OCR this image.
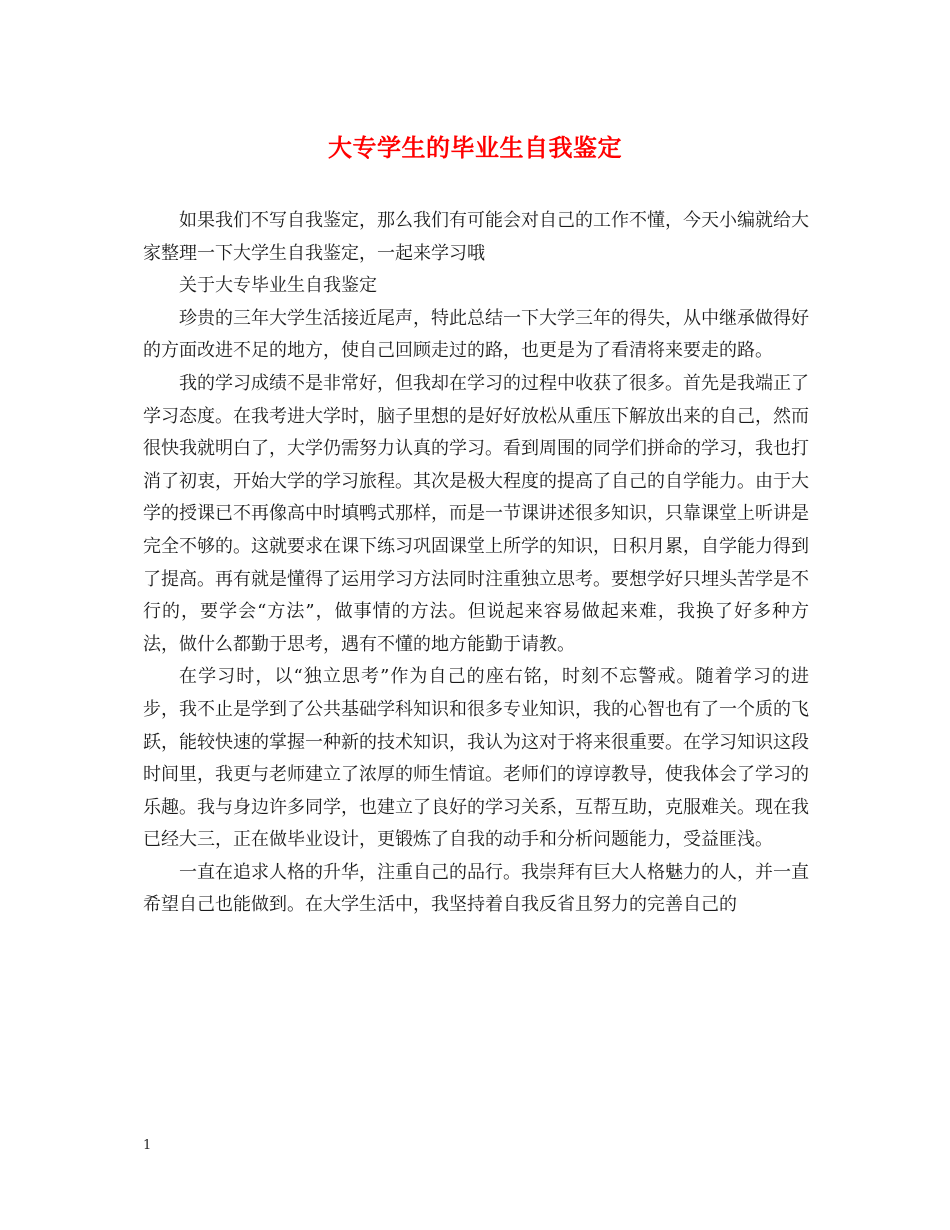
大专学生的毕业生自我鉴定

如果我们不写自我鉴定，那么我们有可能会对自己的工作不懂，今天小编就给大家整理一下大学生自我鉴定，一起来学习哦

关于大专毕业生自我鉴定

珍贵的三年大学生活接近尾声，特此总结一下大学三年的得失，从中继承做得好的方面改进不足的地方，使自己回顾走过的路，也更是为了看清将来要走的路。

我的学习成绩不是非常好，但我却在学习的过程中收获了很多。首先是我端正了学习态度。在我考进大学时，脑子里想的是好好放松从重压下解放出来的自己，然而很快我就明白了，大学仍需努力认真的学习。看到周围的同学们拼命的学习，我也打消了初衷，开始大学的学习旅程。其次是极大程度的提高了自己的自学能力。由于大学的授课已不再像高中时填鸭式那样，而是一节课讲述很多知识，只靠课堂上听讲是完全不够的。这就要求在课下练习巩固课堂上所学的知识，日积月累，自学能力得到了提高。再有就是懂得了运用学习方法同时注重独立思考。要想学好只埋头苦学是不行的，要学会“方法”，做事情的方法。但说起来容易做起来难，我换了好多种方法，做什么都勤于思考，遇有不懂的地方能勤于请教。

在学习时，以“独立思考”作为自己的座右铭，时刻不忘警戒。随着学习的进步，我不止是学到了公共基础学科知识和很多专业知识，我的心智也有了一个质的飞跃，能较快速的掌握一种新的技术知识，我认为这对于将来很重要。在学习知识这段时间里，我更与老师建立了浓厚的师生情谊。老师们的谆谆教导，使我体会了学习的乐趣。我与身边许多同学，也建立了良好的学习关系，互帮互助，克服难关。现在我已经大三，正在做毕业设计，更锻炼了自我的动手和分析问题能力，受益匪浅。

一直在追求人格的升华，注重自己的品行。我崇拜有巨大人格魅力的人，并一直希望自己也能做到。在大学生活中，我坚持着自我反省且努力的完善自己的

1
